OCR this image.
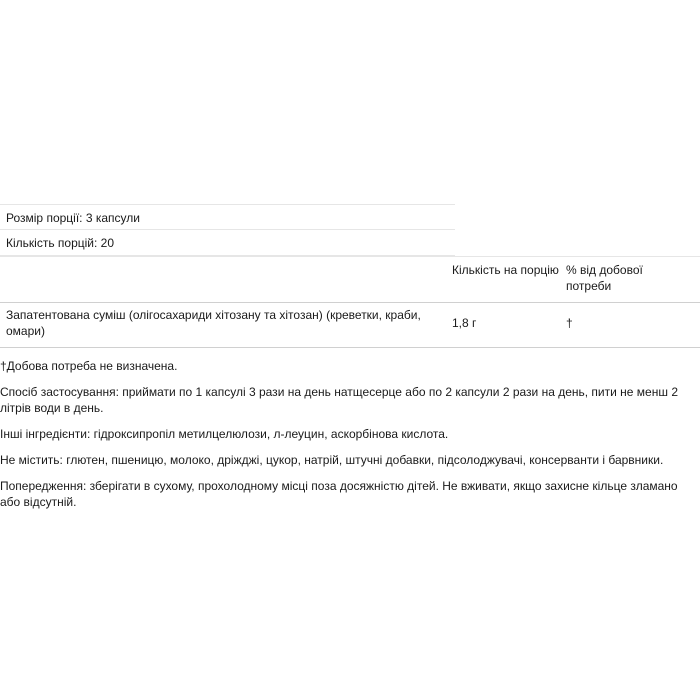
Розмір порції: 3 капсули
Кількість порцій: 20
Кількість на порцію % від добової потреби
Запатентована суміш (олігосахариди хітозану та хітозан) (креветки, краби, омари)
1,8 г	†
†Добова потреба не визначена.
Спосіб застосування: приймати по 1 капсулі 3 рази на день натщесерце або по 2 капсули 2 рази на день, пити не менш 2 літрів води в день.
Інші інгредієнти: гідроксипропіл метилцелюлози, л-леуцин, аскорбінова кислота.
Не містить: глютен, пшеницю, молоко, дріжджі, цукор, натрій, штучні добавки, підсолоджувачі, консерванти і барвники.
Попередження: зберігати в сухому, прохолодному місці поза досяжністю дітей. Не вживати, якщо захисне кільце зламано або відсутній.
